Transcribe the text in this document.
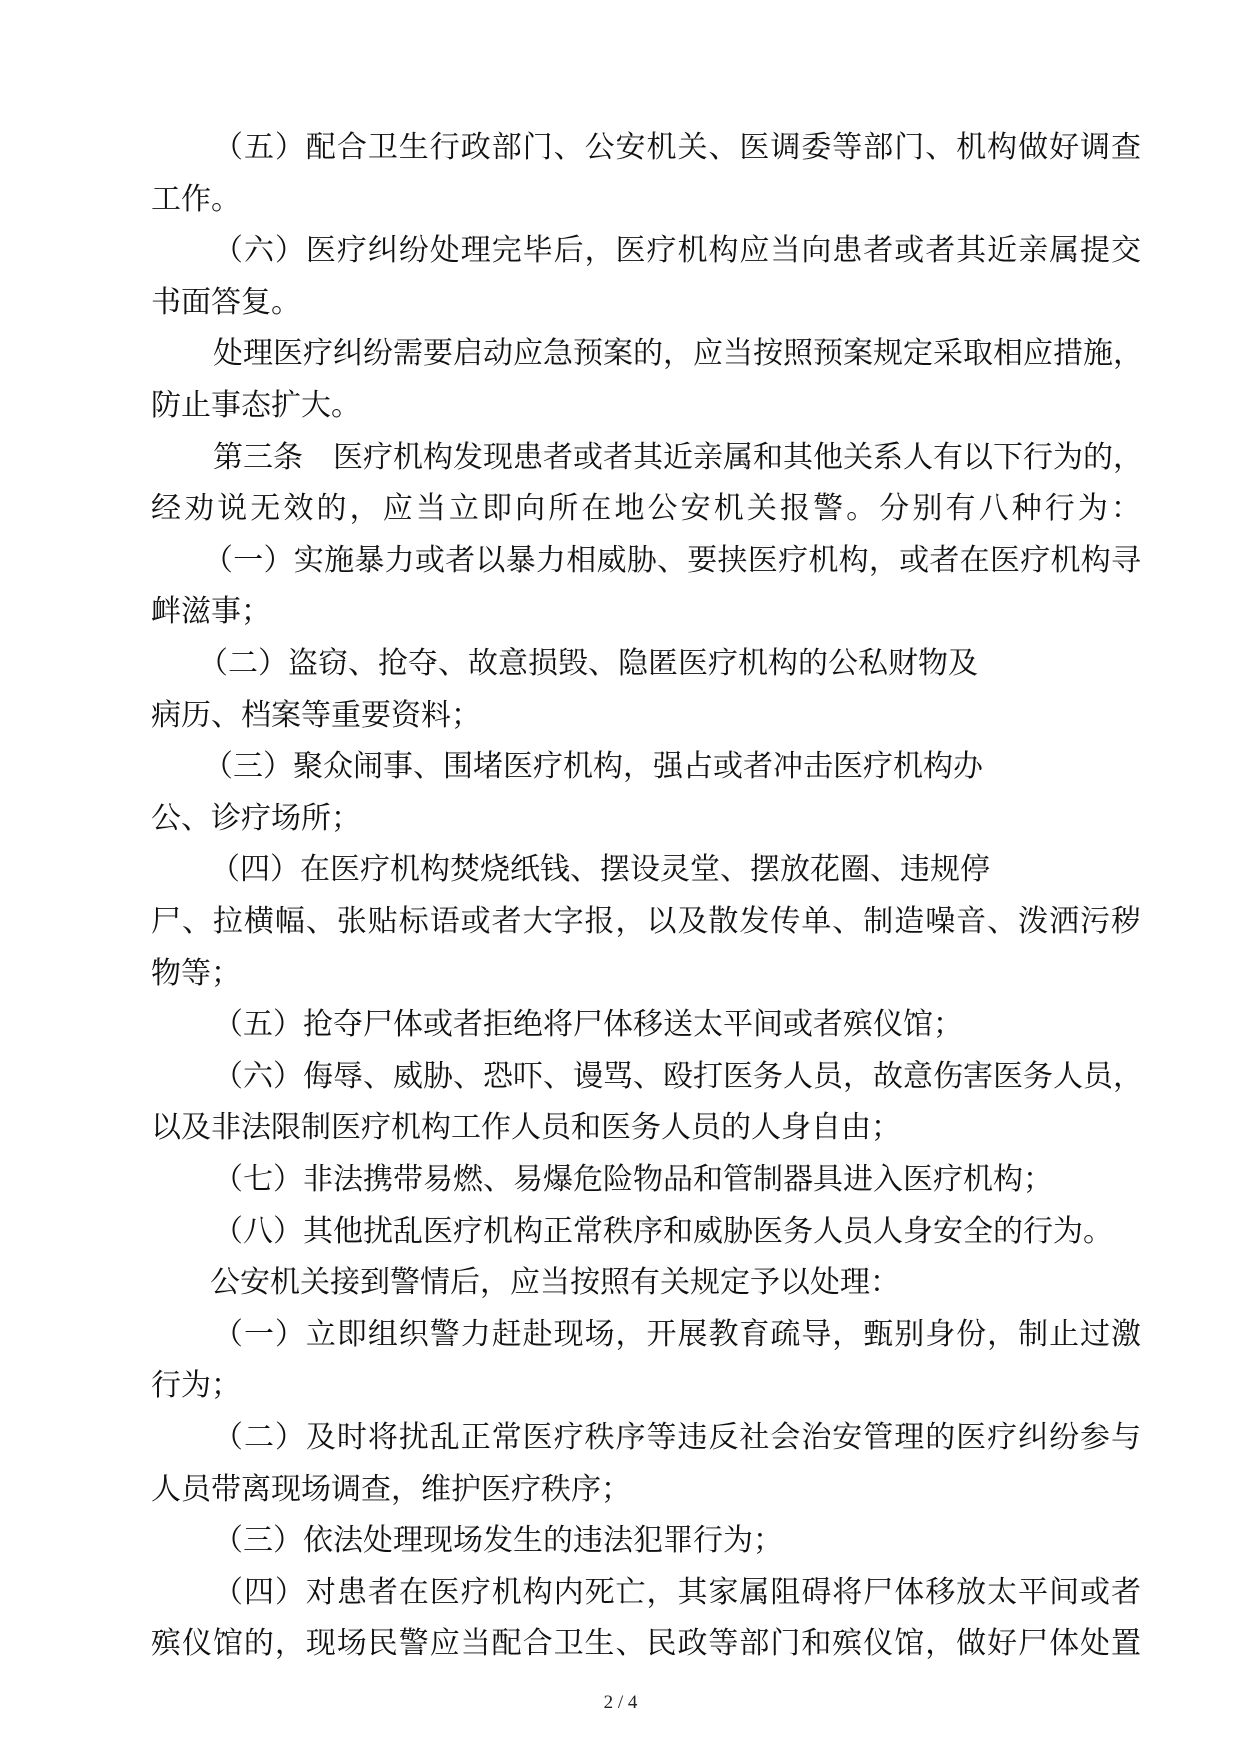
（五）配合卫生行政部门、公安机关、医调委等部门、机构做好调查
工作。
（六）医疗纠纷处理完毕后，医疗机构应当向患者或者其近亲属提交
书面答复。
处理医疗纠纷需要启动应急预案的，应当按照预案规定采取相应措施，
防止事态扩大。
第三条　医疗机构发现患者或者其近亲属和其他关系人有以下行为的，
经劝说无效的，应当立即向所在地公安机关报警。分别有八种行为：
（一）实施暴力或者以暴力相威胁、要挟医疗机构，或者在医疗机构寻
衅滋事；
（二）盗窃、抢夺、故意损毁、隐匿医疗机构的公私财物及
病历、档案等重要资料；
（三）聚众闹事、围堵医疗机构，强占或者冲击医疗机构办
公、诊疗场所；
（四）在医疗机构焚烧纸钱、摆设灵堂、摆放花圈、违规停
尸、拉横幅、张贴标语或者大字报，以及散发传单、制造噪音、泼洒污秽
物等；
（五）抢夺尸体或者拒绝将尸体移送太平间或者殡仪馆；
（六）侮辱、威胁、恐吓、谩骂、殴打医务人员，故意伤害医务人员，
以及非法限制医疗机构工作人员和医务人员的人身自由；
（七）非法携带易燃、易爆危险物品和管制器具进入医疗机构；
（八）其他扰乱医疗机构正常秩序和威胁医务人员人身安全的行为。
公安机关接到警情后，应当按照有关规定予以处理：
（一）立即组织警力赶赴现场，开展教育疏导，甄别身份，制止过激
行为；
（二）及时将扰乱正常医疗秩序等违反社会治安管理的医疗纠纷参与
人员带离现场调查，维护医疗秩序；
（三）依法处理现场发生的违法犯罪行为；
（四）对患者在医疗机构内死亡，其家属阻碍将尸体移放太平间或者
殡仪馆的，现场民警应当配合卫生、民政等部门和殡仪馆，做好尸体处置
2 / 4
